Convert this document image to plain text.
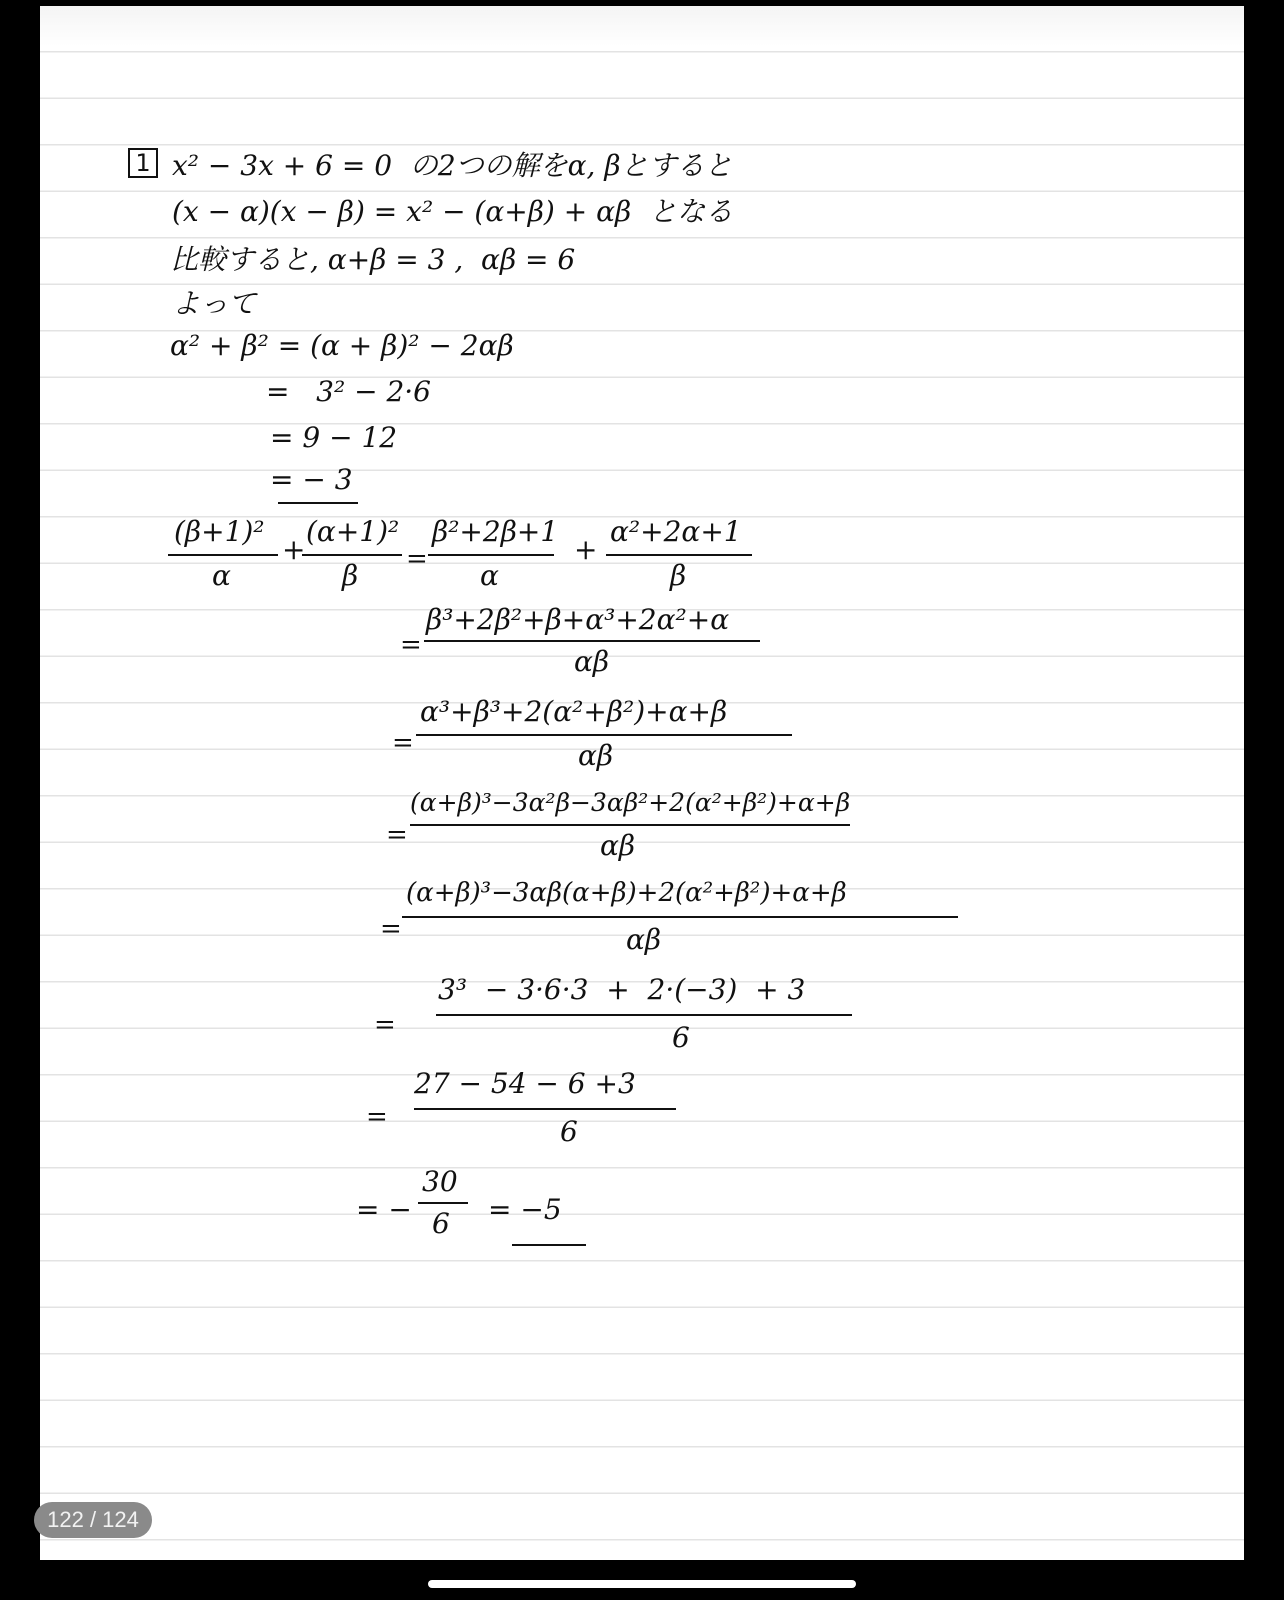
1 x² − 3x + 6 = 0  の2つの解をα, βとすると
(x − α)(x − β) = x² − (α+β) + αβ  となる
比較すると, α+β = 3 ,  αβ = 6
よって
α² + β² = (α + β)² − 2αβ
=   3² − 2·6
= 9 − 12
= − 3
(β+1)²
α
+
(α+1)²
β =
β²+2β+1
α
+
α²+2α+1
β
=
β³+2β²+β+α³+2α²+α
αβ
=
α³+β³+2(α²+β²)+α+β
αβ
=
(α+β)³−3α²β−3αβ²+2(α²+β²)+α+β
αβ
=
(α+β)³−3αβ(α+β)+2(α²+β²)+α+β
αβ
=
3³  − 3·6·3  +  2·(−3)  + 3
6
=
27 − 54 − 6 +3
6
= −
30
6 = −5
122 / 124
